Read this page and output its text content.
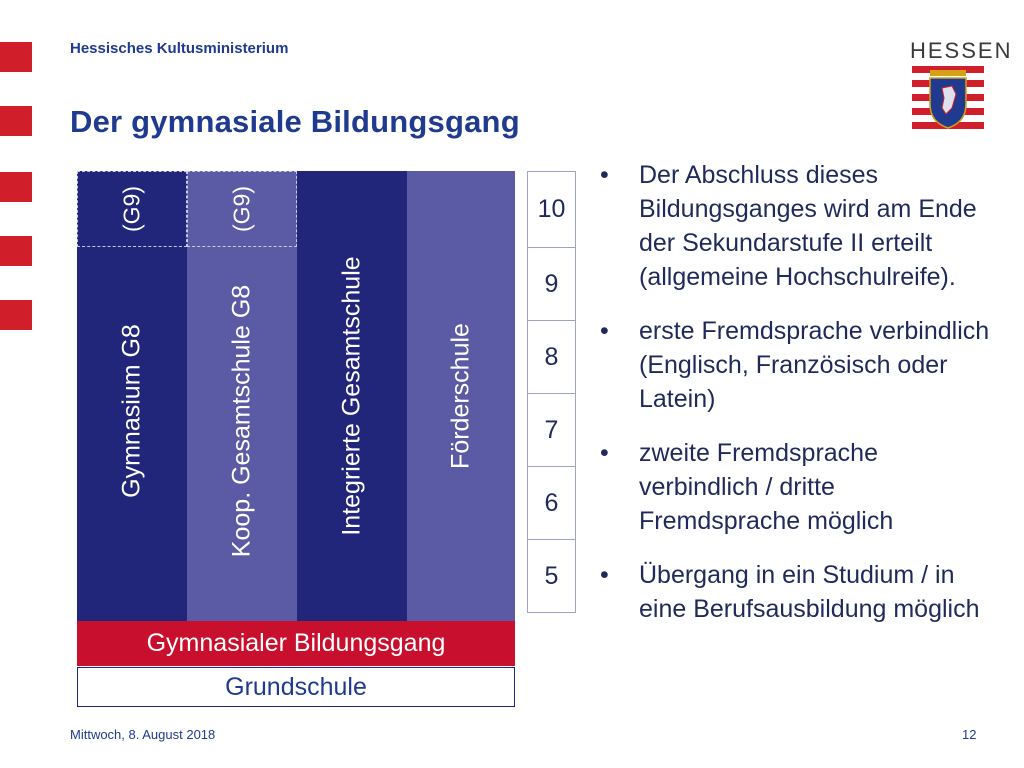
Hessisches Kultusministerium
Der gymnasiale Bildungsgang
HESSEN
(G9)
Gymnasium G8
(G9)
Koop. Gesamtschule G8	Integrierte Gesamtschule	Förderschule
Gymnasialer Bildungsgang
Grundschule
10
9
8
7
6
5
• Der Abschluss dieses Bildungsganges wird am Ende der Sekundarstufe II erteilt (allgemeine Hochschulreife).
• erste Fremdsprache verbindlich (Englisch, Französisch oder Latein)
• zweite Fremdsprache verbindlich / dritte Fremdsprache möglich
• Übergang in ein Studium / in eine Berufsausbildung möglich
Mittwoch, 8. August 2018	12
